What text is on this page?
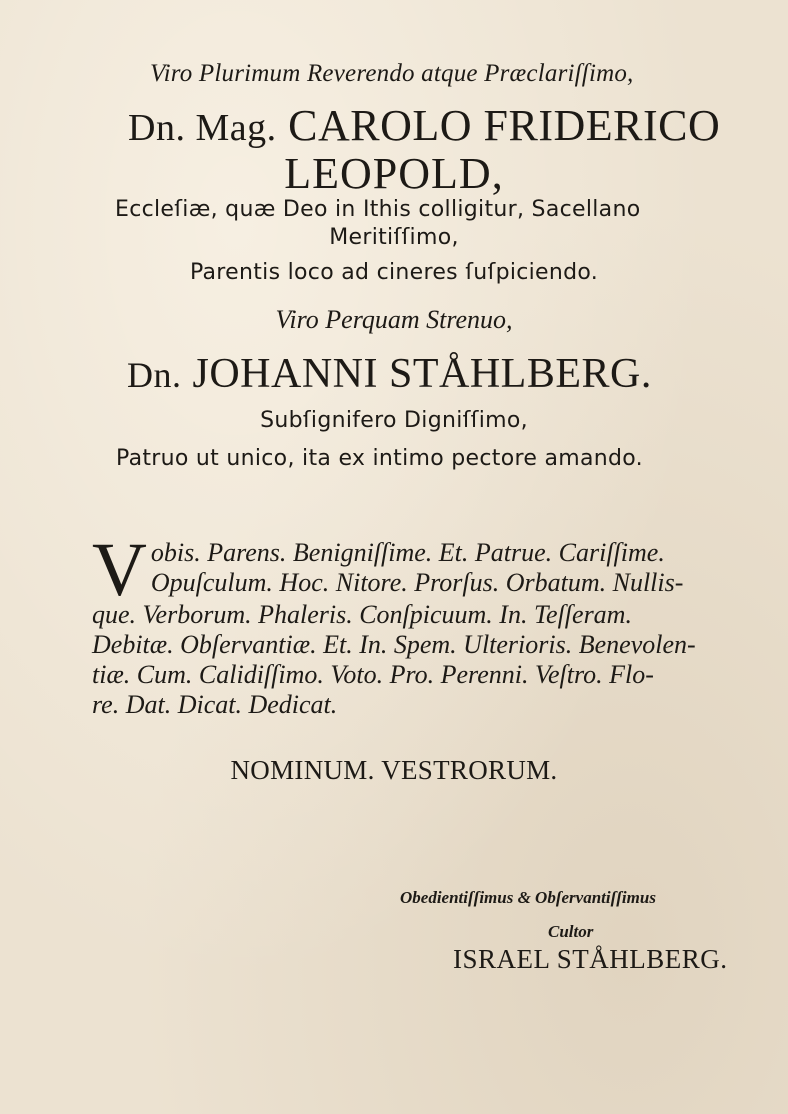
Viro Plurimum Reverendo atque Præclariſſimo,
Dn. Mag. CAROLO FRIDERICO
LEOPOLD,
Eccleſiæ, quæ Deo in Ithis colligitur, Sacellano
Meritiſſimo,
Parentis loco ad cineres ſuſpiciendo.
Viro Perquam Strenuo,
Dn. JOHANNI STÅHLBERG.
Subſignifero Digniſſimo,
Patruo ut unico, ita ex intimo pectore amando.
V obis. Parens. Benigniſſime. Et. Patrue. Cariſſime.

Opuſculum. Hoc. Nitore. Prorſus. Orbatum. Nullis-

que. Verborum. Phaleris. Conſpicuum. In. Teſſeram.

Debitæ. Obſervantiæ. Et. In. Spem. Ulterioris. Benevolen-

tiæ. Cum. Calidiſſimo. Voto. Pro. Perenni. Veſtro. Flo-

re. Dat. Dicat. Dedicat.

NOMINUM. VESTRORUM.
Obedientiſſimus & Obſervantiſſimus
Cultor
ISRAEL STÅHLBERG.
